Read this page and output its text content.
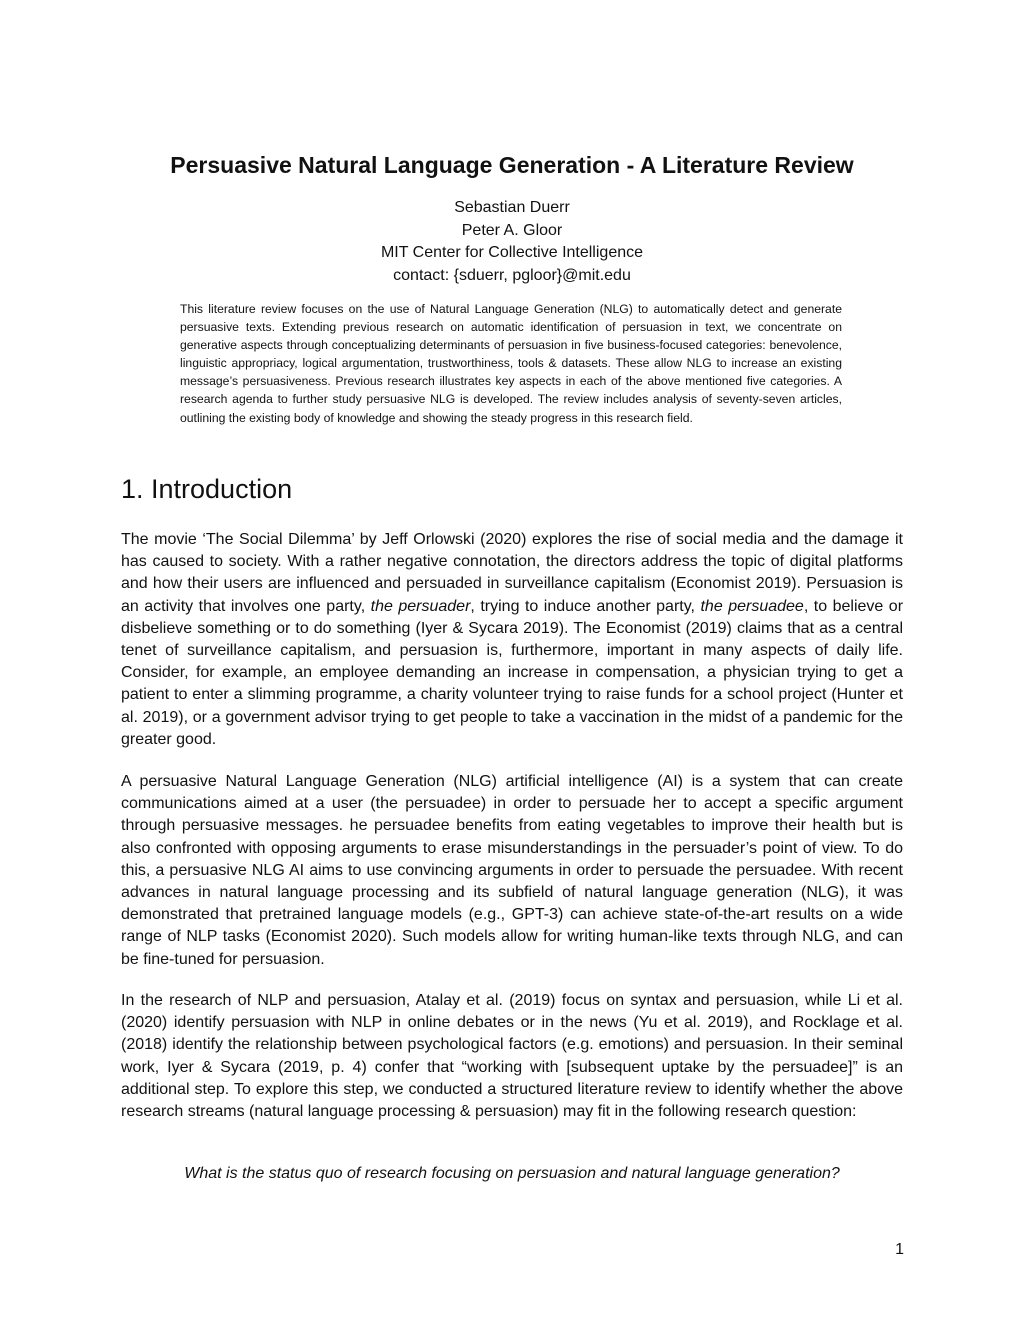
Persuasive Natural Language Generation - A Literature Review
Sebastian Duerr
Peter A. Gloor
MIT Center for Collective Intelligence
contact: {sduerr, pgloor}@mit.edu

This literature review focuses on the use of Natural Language Generation (NLG) to automatically detect and generate persuasive texts. Extending previous research on automatic identification of persuasion in text, we concentrate on generative aspects through conceptualizing determinants of persuasion in five business-focused categories: benevolence, linguistic appropriacy, logical argumentation, trustworthiness, tools & datasets. These allow NLG to increase an existing message’s persuasiveness. Previous research illustrates key aspects in each of the above mentioned five categories. A research agenda to further study persuasive NLG is developed. The review includes analysis of seventy-seven articles, outlining the existing body of knowledge and showing the steady progress in this research field.

1. Introduction

The movie ‘The Social Dilemma’ by Jeff Orlowski (2020) explores the rise of social media and the damage it has caused to society. With a rather negative connotation, the directors address the topic of digital platforms and how their users are influenced and persuaded in surveillance capitalism (Economist 2019). Persuasion is an activity that involves one party, the persuader, trying to induce another party, the persuadee, to believe or disbelieve something or to do something (Iyer & Sycara 2019). The Economist (2019) claims that as a central tenet of surveillance capitalism, and persuasion is, furthermore, important in many aspects of daily life. Consider, for example, an employee demanding an increase in compensation, a physician trying to get a patient to enter a slimming programme, a charity volunteer trying to raise funds for a school project (Hunter et al. 2019), or a government advisor trying to get people to take a vaccination in the midst of a pandemic for the greater good.

A persuasive Natural Language Generation (NLG) artificial intelligence (AI) is a system that can create communications aimed at a user (the persuadee) in order to persuade her to accept a specific argument through persuasive messages. he persuadee benefits from eating vegetables to improve their health but is also confronted with opposing arguments to erase misunderstandings in the persuader’s point of view. To do this, a persuasive NLG AI aims to use convincing arguments in order to persuade the persuadee. With recent advances in natural language processing and its subfield of natural language generation (NLG), it was demonstrated that pretrained language models (e.g., GPT-3) can achieve state-of-the-art results on a wide range of NLP tasks (Economist 2020). Such models allow for writing human-like texts through NLG, and can be fine-tuned for persuasion.

In the research of NLP and persuasion, Atalay et al. (2019) focus on syntax and persuasion, while Li et al. (2020) identify persuasion with NLP in online debates or in the news (Yu et al. 2019), and Rocklage et al. (2018) identify the relationship between psychological factors (e.g. emotions) and persuasion. In their seminal work, Iyer & Sycara (2019, p. 4) confer that “working with [subsequent uptake by the persuadee]” is an additional step. To explore this step, we conducted a structured literature review to identify whether the above research streams (natural language processing & persuasion) may fit in the following research question:

What is the status quo of research focusing on persuasion and natural language generation?

1
